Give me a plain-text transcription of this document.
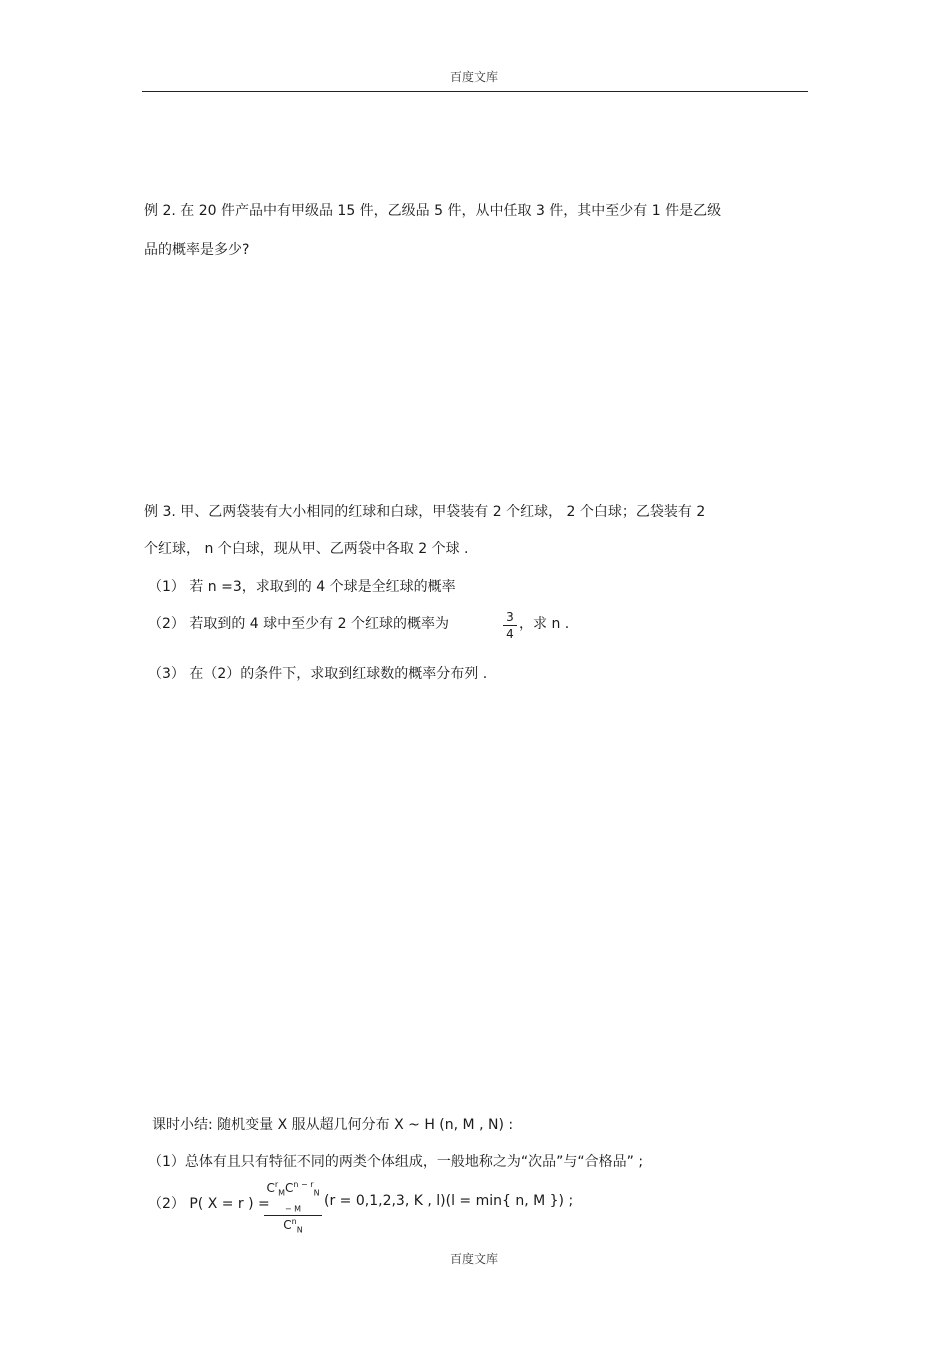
百度文库
例 2. 在 20 件产品中有甲级品 15 件，乙级品 5 件，从中任取 3 件，其中至少有 1 件是乙级
品的概率是多少?
例 3. 甲、乙两袋装有大小相同的红球和白球，甲袋装有 2 个红球， 2 个白球；乙袋装有 2
个红球， n 个白球，现从甲、乙两袋中各取 2 个球 .
（1） 若 n =3，求取到的 4 个球是全红球的概率
（2） 若取到的 4 球中至少有 2 个红球的概率为	3
4
，求 n .
（3） 在（2）的条件下，求取到红球数的概率分布列 .
课时小结: 随机变量 X 服从超几何分布 X ~ H (n, M , N) :
（1）总体有且只有特征不同的两类个体组成，一般地称之为“次品”与“合格品” ;
（2） P( X = r ) =
$C^r_MC^{n - r}_{N - M}$
$C^n_N$
(r = 0,1,2,3, K , l)(l = min{ n, M }) ;
百度文库
